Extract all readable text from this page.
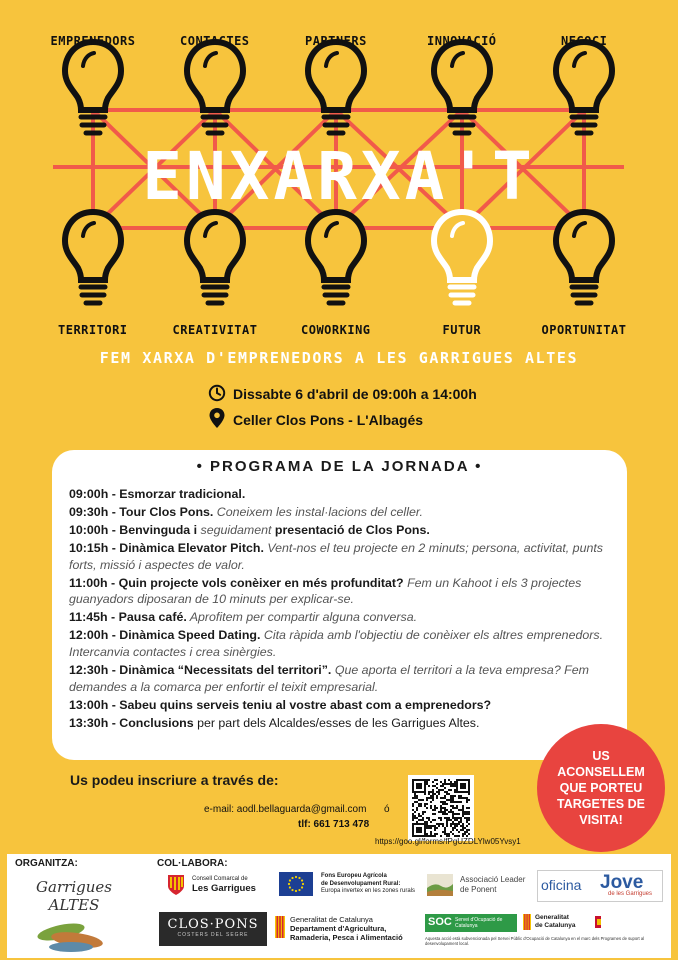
ENXARXA'T
FEM XARXA D'EMPRENEDORS A LES GARRIGUES ALTES
Dissabte 6 d'abril de 09:00h a 14:00h
Celler Clos Pons - L'Albagés
• PROGRAMA DE LA JORNADA •

09:00h - Esmorzar tradicional.

09:30h - Tour Clos Pons. Coneixem les instal·lacions del celler.

10:00h - Benvinguda i seguidament presentació de Clos Pons.

10:15h - Dinàmica Elevator Pitch. Vent-nos el teu projecte en 2 minuts; persona, activitat, punts forts, missió i aspectes de valor.

11:00h - Quin projecte vols conèixer en més profunditat? Fem un Kahoot i els 3 projectes guanyadors diposaran de 10 minuts per explicar-se.

11:45h - Pausa café. Aprofitem per compartir alguna conversa.

12:00h - Dinàmica Speed Dating. Cita ràpida amb l'objectiu de conèixer els altres emprenedors. Intercanvia contactes i crea sinèrgies.

12:30h - Dinàmica “Necessitats del territori”. Que aporta el territori a la teva empresa? Fem demandes a la comarca per enfortir el teixit empresarial.

13:00h - Sabeu quins serveis teniu al vostre abast com a emprenedors?

13:30h - Conclusions per part dels Alcaldes/esses de les Garrigues Altes.

Us podeu inscriure a través de:
e-mail: aodl.bellaguarda@gmail.com ó
tlf: 661 713 478
https://goo.gl/forms/fPgUZDLYlw05Yvsy1
US
ACONSELLEM
QUE PORTEU
TARGETES DE
VISITA!
ORGANITZA:	COL·LABORA:
Garrigues ALTES
Consell Comarcal de
Les Garrigues
Fons Europeu Agrícola
de Desenvolupament Rural:
Europa invertex en les zones rurals
Associació Leader
de Ponent	oficina Jove
de les Garrigues
CLOS·PONS
COSTERS DEL SEGRE
Generalitat de Catalunya
Departament d'Agricultura,
Ramaderia, Pesca i Alimentació
SOC Servei d'Ocupació de Catalunya
Generalitat
de Catalunya
Aquesta acció està subvencionada pel Servei Públic d'Ocupació de Catalunya en el marc dels Programes de suport al desenvolupament local.
EMPRENEDORS	CONTACTES	PARTNERS	INNOVACIÓ	NEGOCI
TERRITORI	CREATIVITAT	COWORKING	FUTUR	OPORTUNITAT
